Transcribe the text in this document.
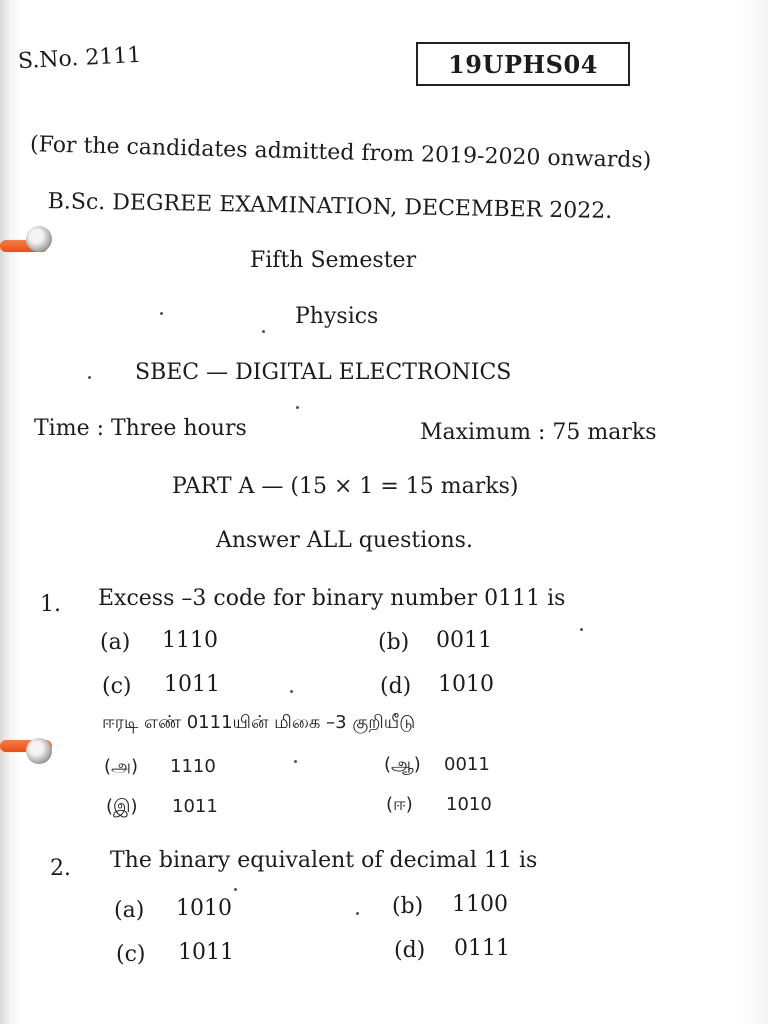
S.No. 2111	19UPHS04
(For the candidates admitted from 2019-2020 onwards)
B.Sc. DEGREE EXAMINATION, DECEMBER 2022.
Fifth Semester
Physics
SBEC — DIGITAL ELECTRONICS
Time : Three hours	Maximum : 75 marks
PART A — (15 × 1 = 15 marks)
Answer ALL questions.
1. Excess –3 code for binary number 0111 is
(a) 1110	(b) 0011
(c) 1011	(d) 1010
ஈரடி எண் 0111யின் மிகை –3 குறியீடு
(அ) 1110	(ஆ) 0011
(இ) 1011	(ஈ) 1010
2. The binary equivalent of decimal 11 is
(a) 1010	(b) 1100
(c) 1011	(d) 0111
